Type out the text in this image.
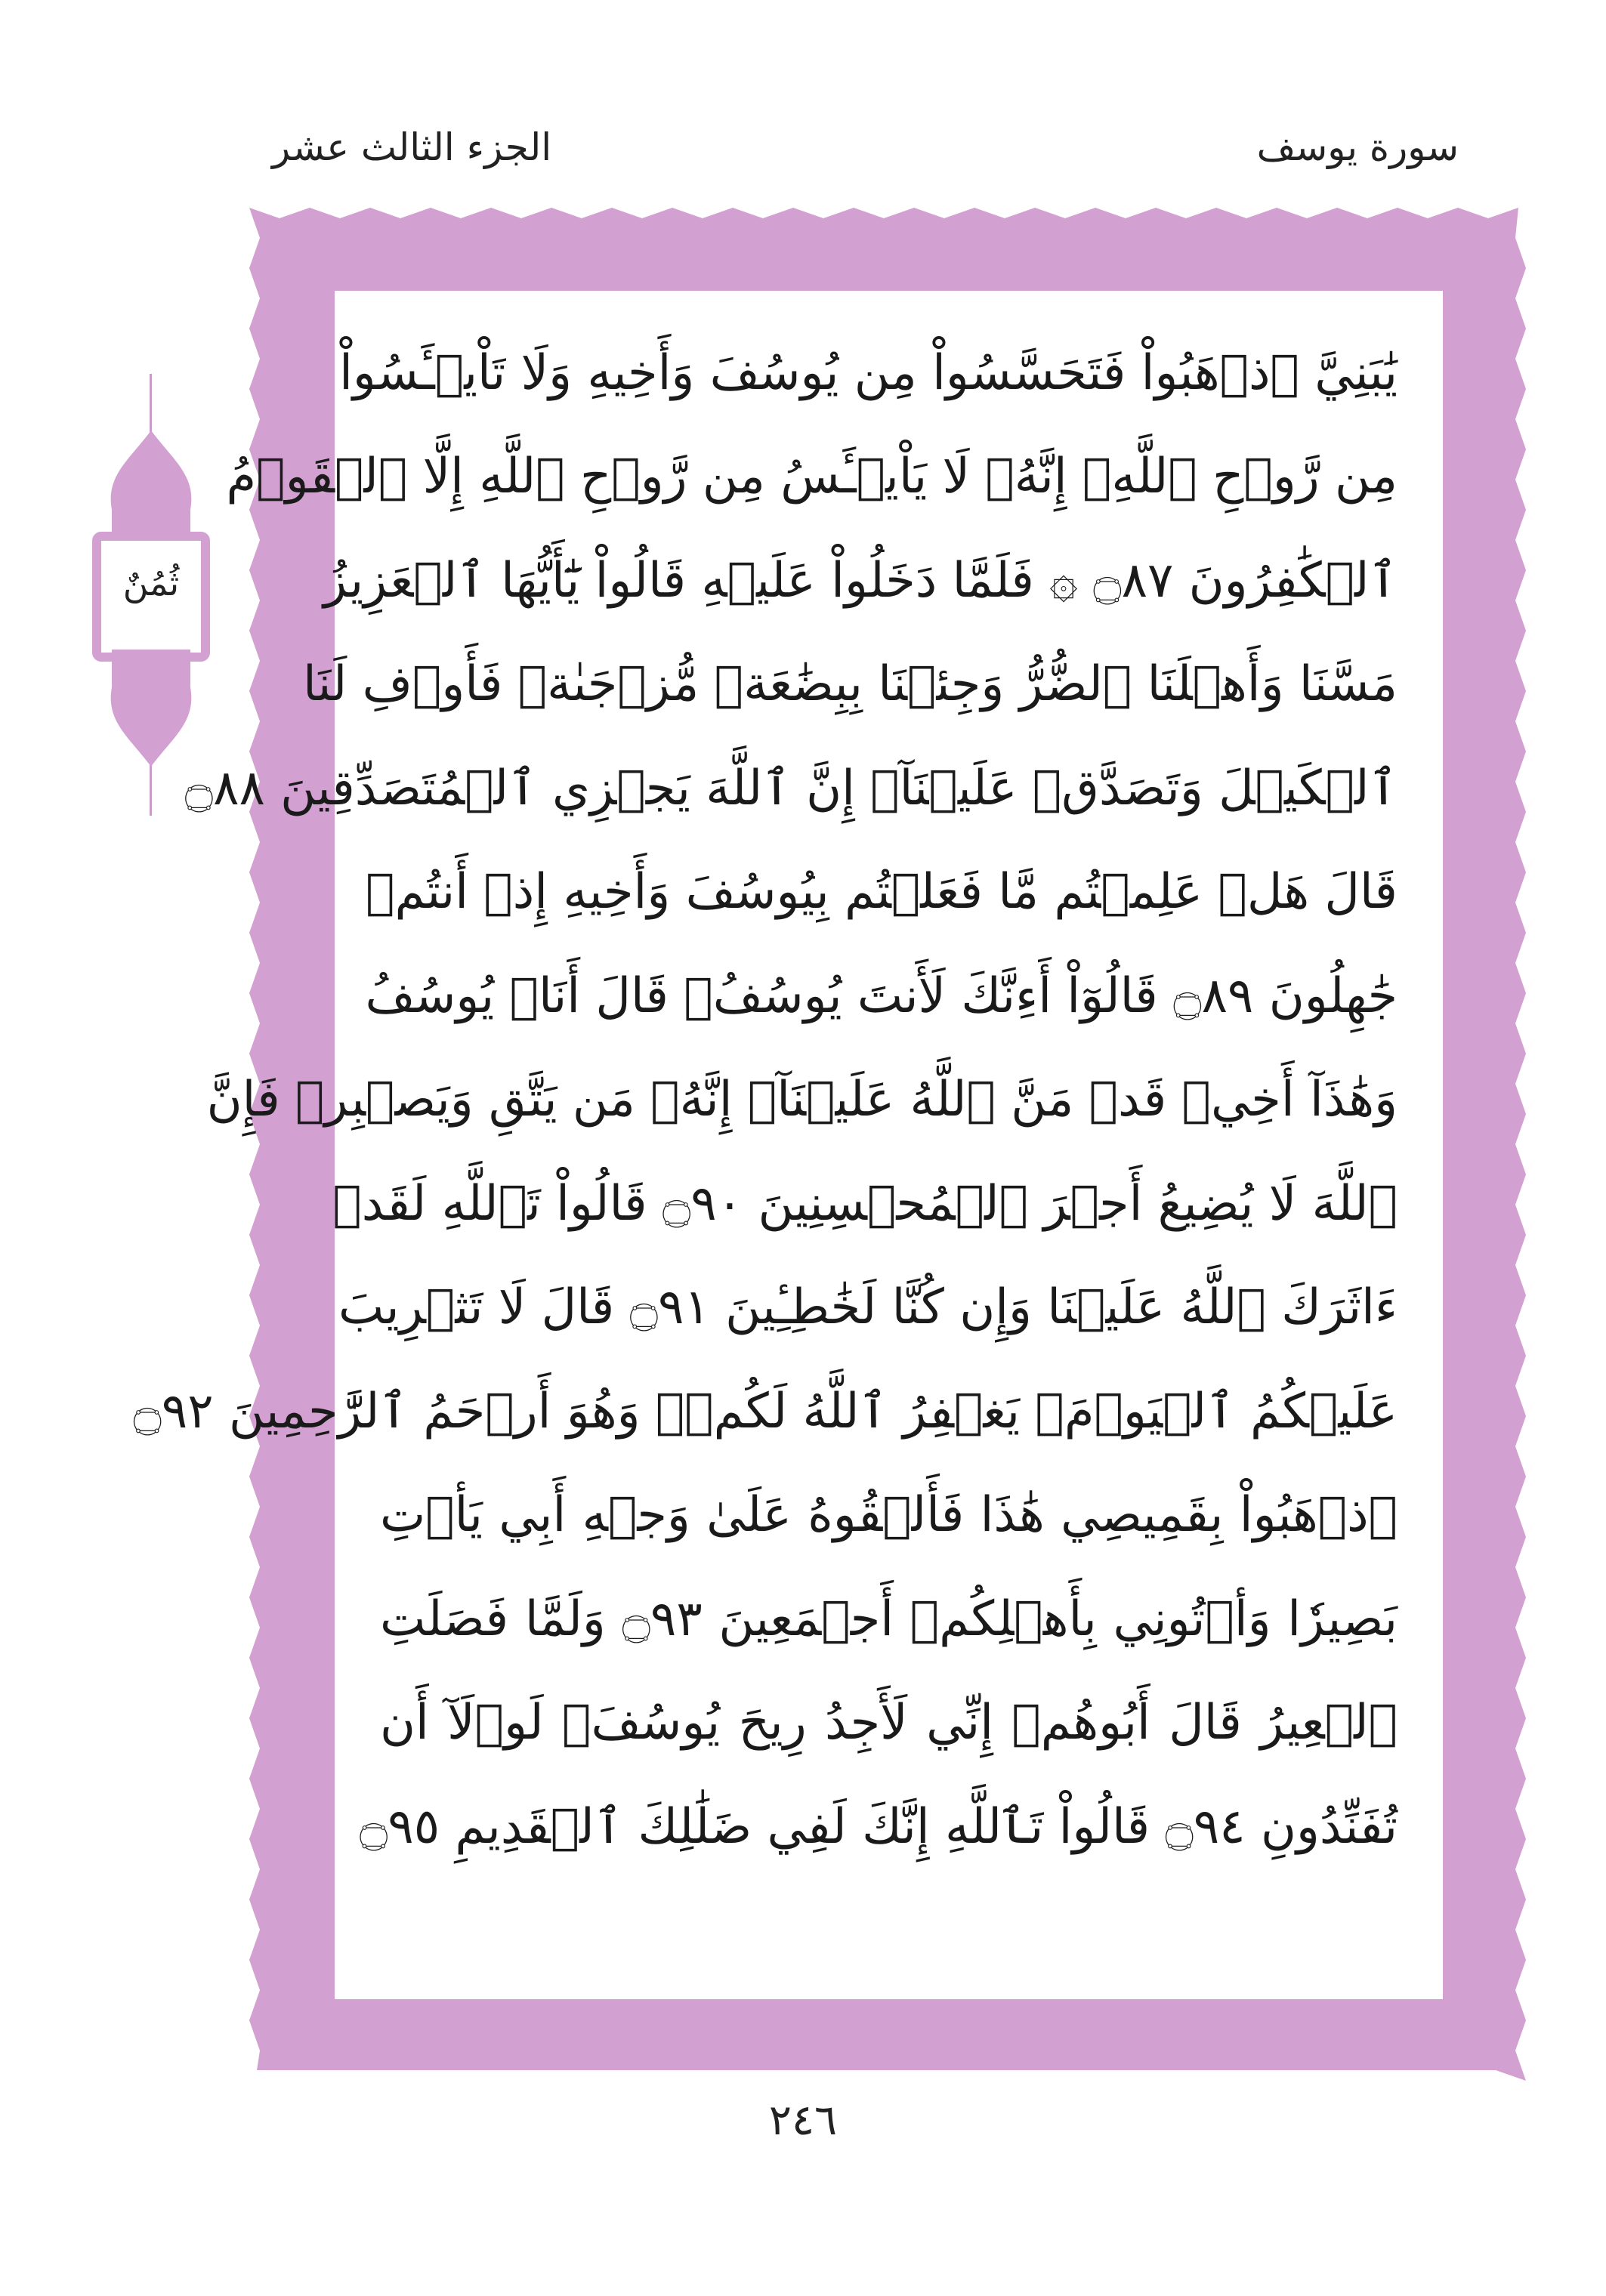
الجزء الثالث عشر	سورة يوسف
ثُمُنٌ
يَٰبَنِيَّ ٱذۡهَبُواْ فَتَحَسَّسُواْ مِن يُوسُفَ وَأَخِيهِ وَلَا تَاْيۡـَٔسُواْ
مِن رَّوۡحِ ٱللَّهِۖ إِنَّهُۥ لَا يَاْيۡـَٔسُ مِن رَّوۡحِ ٱللَّهِ إِلَّا ٱلۡقَوۡمُ
ٱلۡكَٰفِرُونَ ۝٨٧ ۞ فَلَمَّا دَخَلُواْ عَلَيۡهِ قَالُواْ يَٰٓأَيُّهَا ٱلۡعَزِيزُ
مَسَّنَا وَأَهۡلَنَا ٱلضُّرُّ وَجِئۡنَا بِبِضَٰعَةٖ مُّزۡجَىٰةٖ فَأَوۡفِ لَنَا
ٱلۡكَيۡلَ وَتَصَدَّقۡ عَلَيۡنَآۖ إِنَّ ٱللَّهَ يَجۡزِي ٱلۡمُتَصَدِّقِينَ ۝٨٨
قَالَ هَلۡ عَلِمۡتُم مَّا فَعَلۡتُم بِيُوسُفَ وَأَخِيهِ إِذۡ أَنتُمۡ
جَٰهِلُونَ ۝٨٩ قَالُوٓاْ أَءِنَّكَ لَأَنتَ يُوسُفُۖ قَالَ أَنَا۠ يُوسُفُ
وَهَٰذَآ أَخِيۖ قَدۡ مَنَّ ٱللَّهُ عَلَيۡنَآۖ إِنَّهُۥ مَن يَتَّقِ وَيَصۡبِرۡ فَإِنَّ
ٱللَّهَ لَا يُضِيعُ أَجۡرَ ٱلۡمُحۡسِنِينَ ۝٩٠ قَالُواْ تَٱللَّهِ لَقَدۡ
ءَاثَرَكَ ٱللَّهُ عَلَيۡنَا وَإِن كُنَّا لَخَٰطِـِٔينَ ۝٩١ قَالَ لَا تَثۡرِيبَ
عَلَيۡكُمُ ٱلۡيَوۡمَۖ يَغۡفِرُ ٱللَّهُ لَكُمۡۖ وَهُوَ أَرۡحَمُ ٱلرَّٰحِمِينَ ۝٩٢
ٱذۡهَبُواْ بِقَمِيصِي هَٰذَا فَأَلۡقُوهُ عَلَىٰ وَجۡهِ أَبِي يَأۡتِ
بَصِيرٗا وَأۡتُونِي بِأَهۡلِكُمۡ أَجۡمَعِينَ ۝٩٣ وَلَمَّا فَصَلَتِ
ٱلۡعِيرُ قَالَ أَبُوهُمۡ إِنِّي لَأَجِدُ رِيحَ يُوسُفَۖ لَوۡلَآ أَن
تُفَنِّدُونِ ۝٩٤ قَالُواْ تَٱللَّهِ إِنَّكَ لَفِي ضَلَٰلِكَ ٱلۡقَدِيمِ ۝٩٥
٢٤٦
